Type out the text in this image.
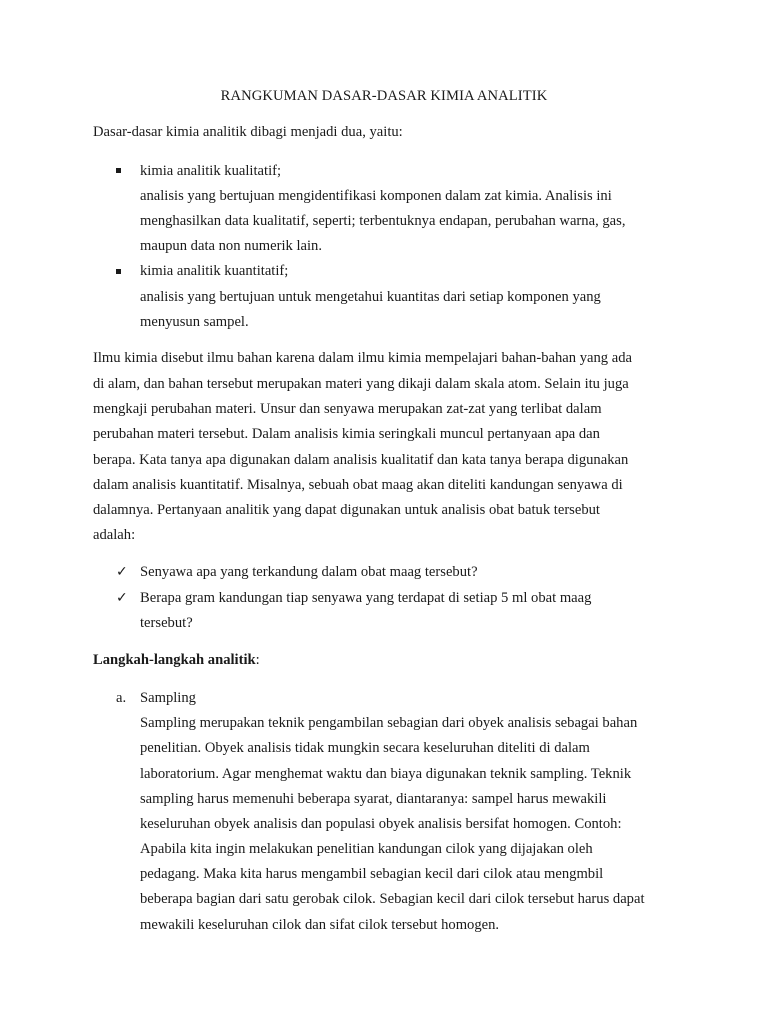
RANGKUMAN DASAR-DASAR KIMIA ANALITIK
Dasar-dasar kimia analitik dibagi menjadi dua, yaitu:
kimia analitik kualitatif;
analisis yang bertujuan mengidentifikasi komponen dalam zat kimia. Analisis ini
menghasilkan data kualitatif, seperti; terbentuknya endapan, perubahan warna, gas,
maupun data non numerik lain.
kimia analitik kuantitatif;
analisis yang bertujuan untuk mengetahui kuantitas dari setiap komponen yang
menyusun sampel.
Ilmu kimia disebut ilmu bahan karena dalam ilmu kimia mempelajari bahan-bahan yang ada
di alam, dan bahan tersebut merupakan materi yang dikaji dalam skala atom. Selain itu juga
mengkaji perubahan materi. Unsur dan senyawa merupakan zat-zat yang terlibat dalam
perubahan materi tersebut. Dalam analisis kimia seringkali muncul pertanyaan apa dan
berapa. Kata tanya apa digunakan dalam analisis kualitatif dan kata tanya berapa digunakan
dalam analisis kuantitatif. Misalnya, sebuah obat maag akan diteliti kandungan senyawa di
dalamnya. Pertanyaan analitik yang dapat digunakan untuk analisis obat batuk tersebut
adalah:
✓ Senyawa apa yang terkandung dalam obat maag tersebut?
✓ Berapa gram kandungan tiap senyawa yang terdapat di setiap 5 ml obat maag
tersebut?
Langkah-langkah analitik:
a. Sampling
Sampling merupakan teknik pengambilan sebagian dari obyek analisis sebagai bahan
penelitian. Obyek analisis tidak mungkin secara keseluruhan diteliti di dalam
laboratorium. Agar menghemat waktu dan biaya digunakan teknik sampling. Teknik
sampling harus memenuhi beberapa syarat, diantaranya: sampel harus mewakili
keseluruhan obyek analisis dan populasi obyek analisis bersifat homogen. Contoh:
Apabila kita ingin melakukan penelitian kandungan cilok yang dijajakan oleh
pedagang. Maka kita harus mengambil sebagian kecil dari cilok atau mengmbil
beberapa bagian dari satu gerobak cilok. Sebagian kecil dari cilok tersebut harus dapat
mewakili keseluruhan cilok dan sifat cilok tersebut homogen.
